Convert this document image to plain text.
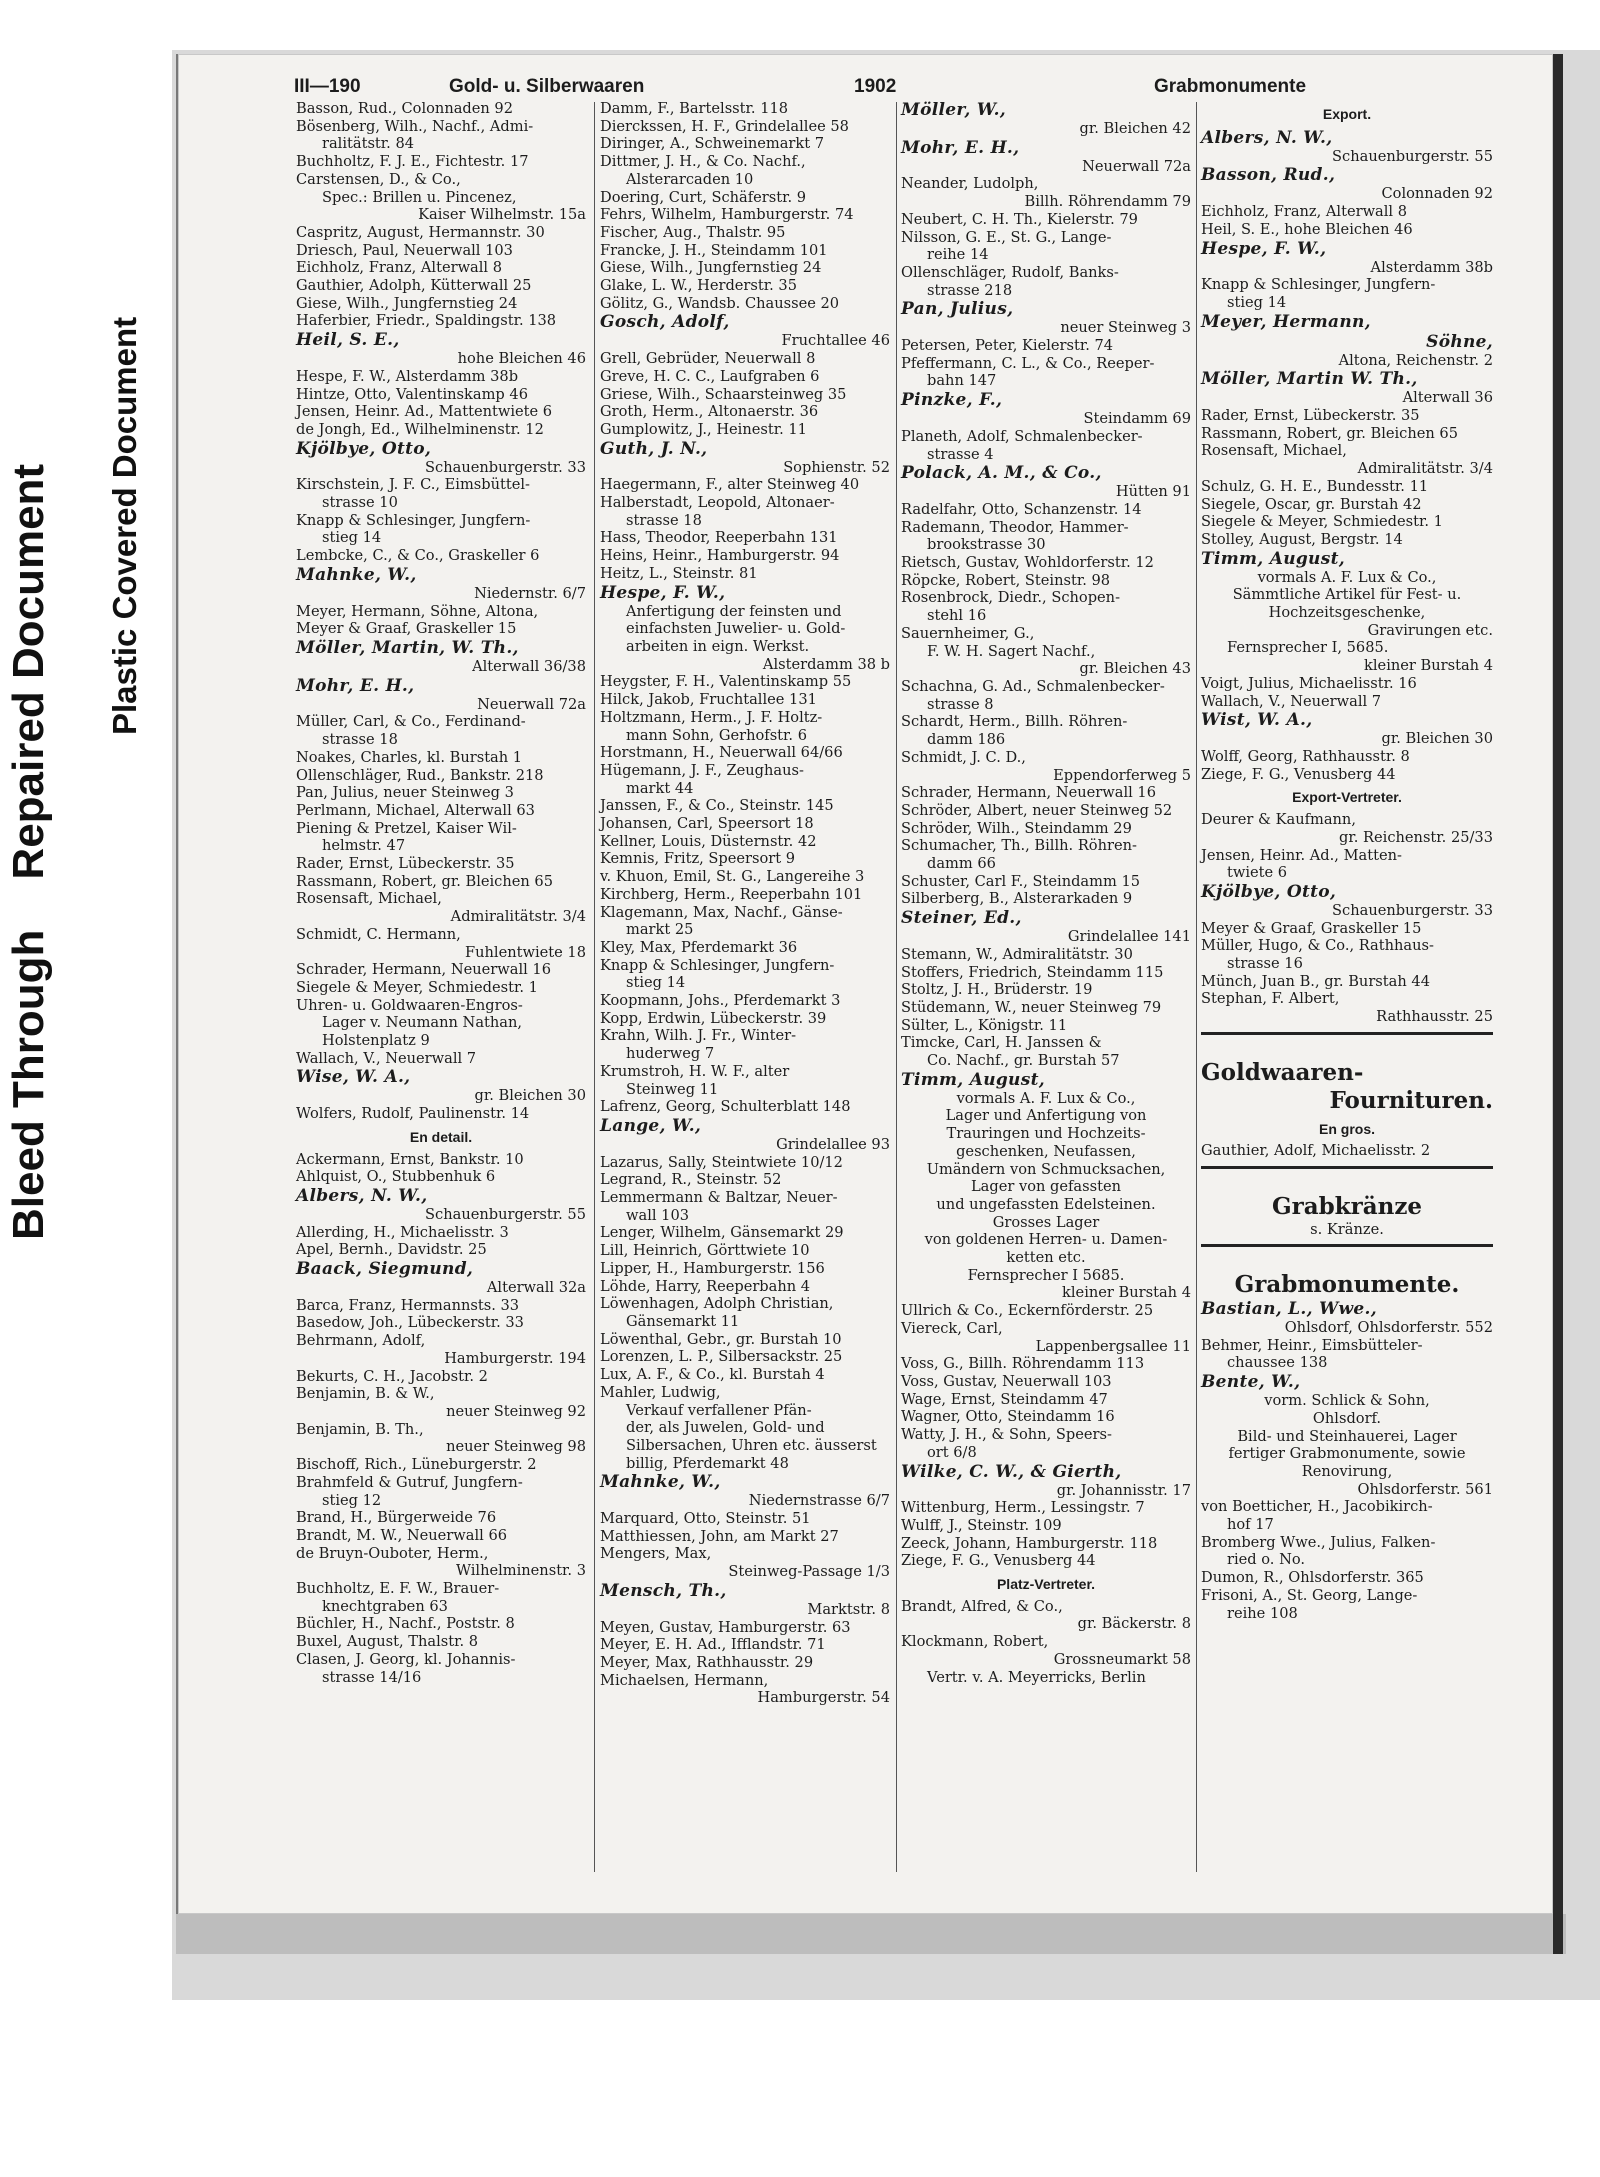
Bleed ThroughRepaired Document	Plastic Covered Document
III—190	Gold- u. Silberwaaren	1902	Grabmonumente
Basson, Rud., Colonnaden 92
Bösenberg, Wilh., Nachf., Admi-
ralitätstr. 84
Buchholtz, F. J. E., Fichtestr. 17
Carstensen, D., & Co.,
Spec.: Brillen u. Pincenez,
Kaiser Wilhelmstr. 15a
Caspritz, August, Hermannstr. 30
Driesch, Paul, Neuerwall 103
Eichholz, Franz, Alterwall 8
Gauthier, Adolph, Kütterwall 25
Giese, Wilh., Jungfernstieg 24
Haferbier, Friedr., Spaldingstr. 138
Heil, S. E.,
hohe Bleichen 46
Hespe, F. W., Alsterdamm 38b
Hintze, Otto, Valentinskamp 46
Jensen, Heinr. Ad., Mattentwiete 6
de Jongh, Ed., Wilhelminenstr. 12
Kjölbye, Otto,
Schauenburgerstr. 33
Kirschstein, J. F. C., Eimsbüttel-
strasse 10
Knapp & Schlesinger, Jungfern-
stieg 14
Lembcke, C., & Co., Graskeller 6
Mahnke, W.,
Niedernstr. 6/7
Meyer, Hermann, Söhne, Altona,
Meyer & Graaf, Graskeller 15
Möller, Martin, W. Th.,
Alterwall 36/38
Mohr, E. H.,
Neuerwall 72a
Müller, Carl, & Co., Ferdinand-
strasse 18
Noakes, Charles, kl. Burstah 1
Ollenschläger, Rud., Bankstr. 218
Pan, Julius, neuer Steinweg 3
Perlmann, Michael, Alterwall 63
Piening & Pretzel, Kaiser Wil-
helmstr. 47
Rader, Ernst, Lübeckerstr. 35
Rassmann, Robert, gr. Bleichen 65
Rosensaft, Michael,
Admiralitätstr. 3/4
Schmidt, C. Hermann,
Fuhlentwiete 18
Schrader, Hermann, Neuerwall 16
Siegele & Meyer, Schmiedestr. 1
Uhren- u. Goldwaaren-Engros-
Lager v. Neumann Nathan,
Holstenplatz 9
Wallach, V., Neuerwall 7
Wise, W. A.,
gr. Bleichen 30
Wolfers, Rudolf, Paulinenstr. 14
En detail.
Ackermann, Ernst, Bankstr. 10
Ahlquist, O., Stubbenhuk 6
Albers, N. W.,
Schauenburgerstr. 55
Allerding, H., Michaelisstr. 3
Apel, Bernh., Davidstr. 25
Baack, Siegmund,
Alterwall 32a
Barca, Franz, Hermannsts. 33
Basedow, Joh., Lübeckerstr. 33
Behrmann, Adolf,
Hamburgerstr. 194
Bekurts, C. H., Jacobstr. 2
Benjamin, B. & W.,
neuer Steinweg 92
Benjamin, B. Th.,
neuer Steinweg 98
Bischoff, Rich., Lüneburgerstr. 2
Brahmfeld & Gutruf, Jungfern-
stieg 12
Brand, H., Bürgerweide 76
Brandt, M. W., Neuerwall 66
de Bruyn-Ouboter, Herm.,
Wilhelminenstr. 3
Buchholtz, E. F. W., Brauer-
knechtgraben 63
Büchler, H., Nachf., Poststr. 8
Buxel, August, Thalstr. 8
Clasen, J. Georg, kl. Johannis-
strasse 14/16
Damm, F., Bartelsstr. 118
Dierckssen, H. F., Grindelallee 58
Diringer, A., Schweinemarkt 7
Dittmer, J. H., & Co. Nachf.,
Alsterarcaden 10
Doering, Curt, Schäferstr. 9
Fehrs, Wilhelm, Hamburgerstr. 74
Fischer, Aug., Thalstr. 95
Francke, J. H., Steindamm 101
Giese, Wilh., Jungfernstieg 24
Glake, L. W., Herderstr. 35
Gölitz, G., Wandsb. Chaussee 20
Gosch, Adolf,
Fruchtallee 46
Grell, Gebrüder, Neuerwall 8
Greve, H. C. C., Laufgraben 6
Griese, Wilh., Schaarsteinweg 35
Groth, Herm., Altonaerstr. 36
Gumplowitz, J., Heinestr. 11
Guth, J. N.,
Sophienstr. 52
Haegermann, F., alter Steinweg 40
Halberstadt, Leopold, Altonaer-
strasse 18
Hass, Theodor, Reeperbahn 131
Heins, Heinr., Hamburgerstr. 94
Heitz, L., Steinstr. 81
Hespe, F. W.,
Anfertigung der feinsten und
einfachsten Juwelier- u. Gold-
arbeiten in eign. Werkst.
Alsterdamm 38 b
Heygster, F. H., Valentinskamp 55
Hilck, Jakob, Fruchtallee 131
Holtzmann, Herm., J. F. Holtz-
mann Sohn, Gerhofstr. 6
Horstmann, H., Neuerwall 64/66
Hügemann, J. F., Zeughaus-
markt 44
Janssen, F., & Co., Steinstr. 145
Johansen, Carl, Speersort 18
Kellner, Louis, Düsternstr. 42
Kemnis, Fritz, Speersort 9
v. Khuon, Emil, St. G., Langereihe 3
Kirchberg, Herm., Reeperbahn 101
Klagemann, Max, Nachf., Gänse-
markt 25
Kley, Max, Pferdemarkt 36
Knapp & Schlesinger, Jungfern-
stieg 14
Koopmann, Johs., Pferdemarkt 3
Kopp, Erdwin, Lübeckerstr. 39
Krahn, Wilh. J. Fr., Winter-
huderweg 7
Krumstroh, H. W. F., alter
Steinweg 11
Lafrenz, Georg, Schulterblatt 148
Lange, W.,
Grindelallee 93
Lazarus, Sally, Steintwiete 10/12
Legrand, R., Steinstr. 52
Lemmermann & Baltzar, Neuer-
wall 103
Lenger, Wilhelm, Gänsemarkt 29
Lill, Heinrich, Görttwiete 10
Lipper, H., Hamburgerstr. 156
Löhde, Harry, Reeperbahn 4
Löwenhagen, Adolph Christian,
Gänsemarkt 11
Löwenthal, Gebr., gr. Burstah 10
Lorenzen, L. P., Silbersackstr. 25
Lux, A. F., & Co., kl. Burstah 4
Mahler, Ludwig,
Verkauf verfallener Pfän-
der, als Juwelen, Gold- und
Silbersachen, Uhren etc. äusserst
billig, Pferdemarkt 48
Mahnke, W.,
Niedernstrasse 6/7
Marquard, Otto, Steinstr. 51
Matthiessen, John, am Markt 27
Mengers, Max,
Steinweg-Passage 1/3
Mensch, Th.,
Marktstr. 8
Meyen, Gustav, Hamburgerstr. 63
Meyer, E. H. Ad., Ifflandstr. 71
Meyer, Max, Rathhausstr. 29
Michaelsen, Hermann,
Hamburgerstr. 54
Möller, W.,
gr. Bleichen 42
Mohr, E. H.,
Neuerwall 72a
Neander, Ludolph,
Billh. Röhrendamm 79
Neubert, C. H. Th., Kielerstr. 79
Nilsson, G. E., St. G., Lange-
reihe 14
Ollenschläger, Rudolf, Banks-
strasse 218
Pan, Julius,
neuer Steinweg 3
Petersen, Peter, Kielerstr. 74
Pfeffermann, C. L., & Co., Reeper-
bahn 147
Pinzke, F.,
Steindamm 69
Planeth, Adolf, Schmalenbecker-
strasse 4
Polack, A. M., & Co.,
Hütten 91
Radelfahr, Otto, Schanzenstr. 14
Rademann, Theodor, Hammer-
brookstrasse 30
Rietsch, Gustav, Wohldorferstr. 12
Röpcke, Robert, Steinstr. 98
Rosenbrock, Diedr., Schopen-
stehl 16
Sauernheimer, G.,
F. W. H. Sagert Nachf.,
gr. Bleichen 43
Schachna, G. Ad., Schmalenbecker-
strasse 8
Schardt, Herm., Billh. Röhren-
damm 186
Schmidt, J. C. D.,
Eppendorferweg 5
Schrader, Hermann, Neuerwall 16
Schröder, Albert, neuer Steinweg 52
Schröder, Wilh., Steindamm 29
Schumacher, Th., Billh. Röhren-
damm 66
Schuster, Carl F., Steindamm 15
Silberberg, B., Alsterarkaden 9
Steiner, Ed.,
Grindelallee 141
Stemann, W., Admiralitätstr. 30
Stoffers, Friedrich, Steindamm 115
Stoltz, J. H., Brüderstr. 19
Stüdemann, W., neuer Steinweg 79
Sülter, L., Königstr. 11
Timcke, Carl, H. Janssen &
Co. Nachf., gr. Burstah 57
Timm, August,
vormals A. F. Lux & Co.,
Lager und Anfertigung von
Trauringen und Hochzeits-
geschenken, Neufassen,
Umändern von Schmucksachen,
Lager von gefassten
und ungefassten Edelsteinen.
Grosses Lager
von goldenen Herren- u. Damen-
ketten etc.
Fernsprecher I 5685.
kleiner Burstah 4
Ullrich & Co., Eckernförderstr. 25
Viereck, Carl,
Lappenbergsallee 11
Voss, G., Billh. Röhrendamm 113
Voss, Gustav, Neuerwall 103
Wage, Ernst, Steindamm 47
Wagner, Otto, Steindamm 16
Watty, J. H., & Sohn, Speers-
ort 6/8
Wilke, C. W., & Gierth,
gr. Johannisstr. 17
Wittenburg, Herm., Lessingstr. 7
Wulff, J., Steinstr. 109
Zeeck, Johann, Hamburgerstr. 118
Ziege, F. G., Venusberg 44
Platz-Vertreter.
Brandt, Alfred, & Co.,
gr. Bäckerstr. 8
Klockmann, Robert,
Grossneumarkt 58
Vertr. v. A. Meyerricks, Berlin
Export.
Albers, N. W.,
Schauenburgerstr. 55
Basson, Rud.,
Colonnaden 92
Eichholz, Franz, Alterwall 8
Heil, S. E., hohe Bleichen 46
Hespe, F. W.,
Alsterdamm 38b
Knapp & Schlesinger, Jungfern-
stieg 14
Meyer, Hermann,
Söhne,
Altona, Reichenstr. 2
Möller, Martin W. Th.,
Alterwall 36
Rader, Ernst, Lübeckerstr. 35
Rassmann, Robert, gr. Bleichen 65
Rosensaft, Michael,
Admiralitätstr. 3/4
Schulz, G. H. E., Bundesstr. 11
Siegele, Oscar, gr. Burstah 42
Siegele & Meyer, Schmiedestr. 1
Stolley, August, Bergstr. 14
Timm, August,
vormals A. F. Lux & Co.,
Sämmtliche Artikel für Fest- u.
Hochzeitsgeschenke,
Gravirungen etc.
Fernsprecher I, 5685.
kleiner Burstah 4
Voigt, Julius, Michaelisstr. 16
Wallach, V., Neuerwall 7
Wist, W. A.,
gr. Bleichen 30
Wolff, Georg, Rathhausstr. 8
Ziege, F. G., Venusberg 44
Export-Vertreter.
Deurer & Kaufmann,
gr. Reichenstr. 25/33
Jensen, Heinr. Ad., Matten-
twiete 6
Kjölbye, Otto,
Schauenburgerstr. 33
Meyer & Graaf, Graskeller 15
Müller, Hugo, & Co., Rathhaus-
strasse 16
Münch, Juan B., gr. Burstah 44
Stephan, F. Albert,
Rathhausstr. 25
Goldwaaren-
Fournituren.
En gros.
Gauthier, Adolf, Michaelisstr. 2
Grabkränze
s. Kränze.
Grabmonumente.
Bastian, L., Wwe.,
Ohlsdorf, Ohlsdorferstr. 552
Behmer, Heinr., Eimsbütteler-
chaussee 138
Bente, W.,
vorm. Schlick & Sohn,
Ohlsdorf.
Bild- und Steinhauerei, Lager
fertiger Grabmonumente, sowie
Renovirung,
Ohlsdorferstr. 561
von Boetticher, H., Jacobikirch-
hof 17
Bromberg Wwe., Julius, Falken-
ried o. No.
Dumon, R., Ohlsdorferstr. 365
Frisoni, A., St. Georg, Lange-
reihe 108
